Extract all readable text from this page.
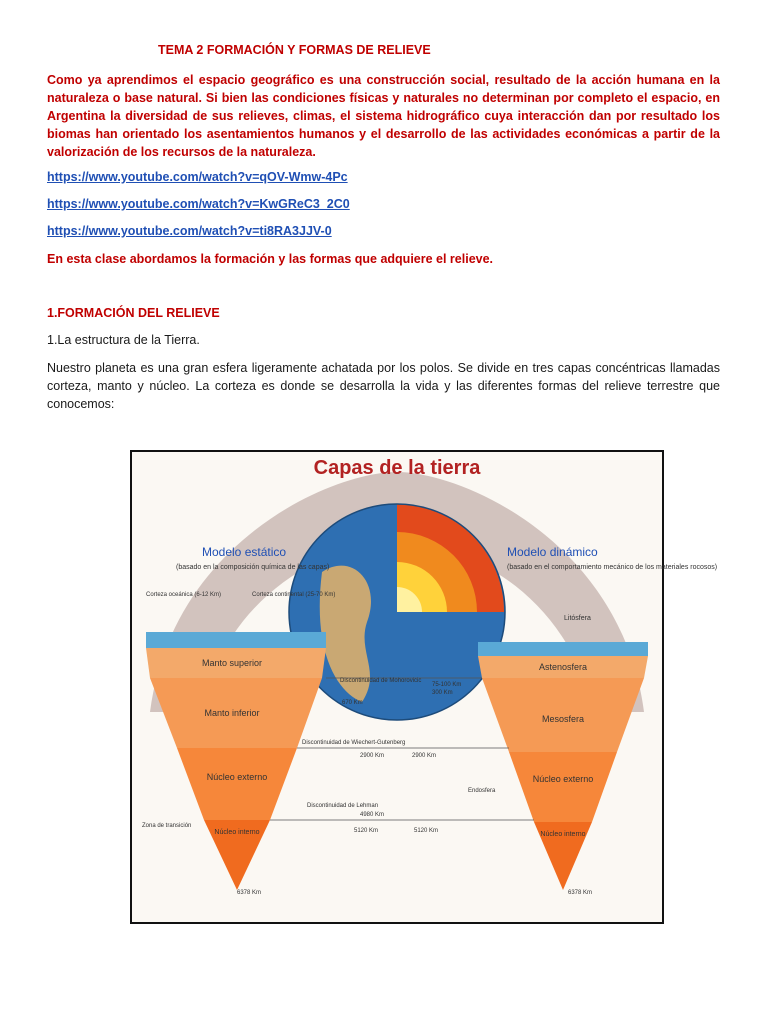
TEMA 2 FORMACIÓN Y FORMAS DE RELIEVE

Como ya aprendimos el espacio geográfico es una construcción social, resultado de la acción humana en la naturaleza o base natural. Si bien las condiciones físicas y naturales no determinan por completo el espacio, en Argentina la diversidad de sus relieves, climas, el sistema hidrográfico cuya interacción dan por resultado los biomas han orientado los asentamientos humanos y el desarrollo de las actividades económicas a partir de la valorización de los recursos de la naturaleza.

https://www.youtube.com/watch?v=qOV-Wmw-4Pc
https://www.youtube.com/watch?v=KwGReC3_2C0
https://www.youtube.com/watch?v=ti8RA3JJV-0
En esta clase abordamos la formación y las formas que adquiere el relieve.
1.FORMACIÓN DEL RELIEVE
1.La estructura de la Tierra.

Nuestro planeta es una gran esfera ligeramente achatada por los polos. Se divide en tres capas concéntricas llamadas corteza, manto y núcleo. La corteza es donde se desarrolla la vida y las diferentes formas del relieve terrestre que conocemos:

Capas de la tierra
Modelo estático
(basado en la composición química de las capas)
Corteza oceánica (6-12 Km)	Corteza continental (25-70 Km)
Manto superior
Manto inferior
Núcleo externo
Núcleo interno
Zona de transición
6378 Km
Modelo dinámico
(basado en el comportamiento mecánico de los materiales rocosos)
Litósfera
Astenosfera
Mesosfera
Núcleo externo
Núcleo interno
Endosfera
6378 Km
Discontinuidad de Mohorovicic
75-100 Km
300 Km
670 Km
Discontinuidad de Wiechert-Gutenberg
2900 Km	2900 Km
Discontinuidad de Lehman
4980 Km
5120 Km	5120 Km
